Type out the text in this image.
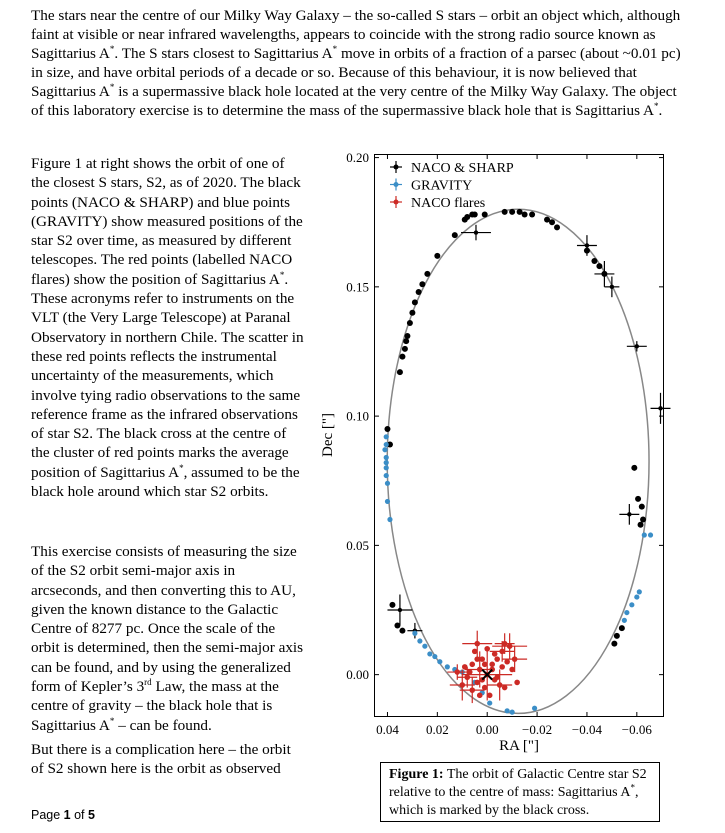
The stars near the centre of our Milky Way Galaxy – the so-called S stars – orbit an object which, although faint at visible or near infrared wavelengths, appears to coincide with the strong radio source known as Sagittarius A*. The S stars closest to Sagittarius A* move in orbits of a fraction of a parsec (about ~0.01 pc) in size, and have orbital periods of a decade or so. Because of this behaviour, it is now believed that Sagittarius A* is a supermassive black hole located at the very centre of the Milky Way Galaxy. The object of this laboratory exercise is to determine the mass of the supermassive black hole that is Sagittarius A*.

Figure 1 at right shows the orbit of one of the closest S stars, S2, as of 2020. The black points (NACO & SHARP) and blue points (GRAVITY) show measured positions of the star S2 over time, as measured by different telescopes. The red points (labelled NACO flares) show the position of Sagittarius A*. These acronyms refer to instruments on the VLT (the Very Large Telescope) at Paranal Observatory in northern Chile. The scatter in these red points reflects the instrumental uncertainty of the measurements, which involve tying radio observations to the same reference frame as the infrared observations of star S2. The black cross at the centre of the cluster of red points marks the average position of Sagittarius A*, assumed to be the black hole around which star S2 orbits.

This exercise consists of measuring the size of the S2 orbit semi-major axis in arcseconds, and then converting this to AU, given the known distance to the Galactic Centre of 8277 pc. Once the scale of the orbit is determined, then the semi-major axis can be found, and by using the generalized form of Kepler’s 3rd Law, the mass at the centre of gravity – the black hole that is Sagittarius A* – can be found.

But there is a complication here – the orbit of S2 shown here is the orbit as observed

Page 1 of 5
0.04 0.02 0.00 −0.02 −0.04 −0.06
0.00
0.05
0.10
0.15
0.20
NACO & SHARP
GRAVITY
NACO flares
RA ["]
Dec ["]
Figure 1: The orbit of Galactic Centre star S2 relative to the centre of mass: Sagittarius A*, which is marked by the black cross.
